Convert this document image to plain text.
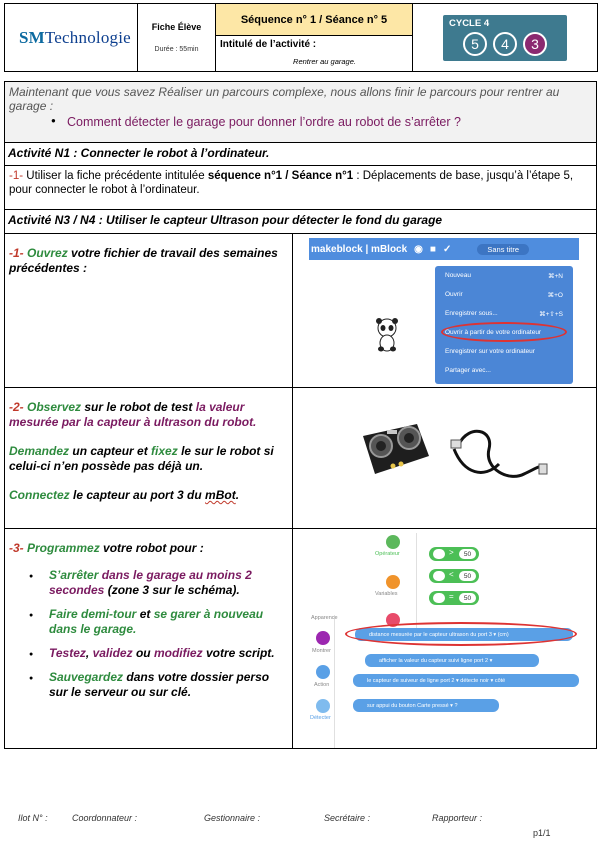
SMTechnologie
Fiche Élève
Durée : 55min
Séquence n° 1 / Séance n° 5
Intitulé de l’activité :
Rentrer au garage.
CYCLE 4
5	4	3
Maintenant que vous savez Réaliser un parcours complexe, nous allons finir le parcours pour rentrer au garage :
● Comment détecter le garage pour donner l’ordre au robot de s’arrêter ?
Activité N1 : Connecter le robot à l’ordinateur.
-1- Utiliser la fiche précédente intitulée séquence n°1 / Séance n°1 : Déplacements de base, jusqu’à l’étape 5, pour connecter le robot à l’ordinateur.
Activité N3 / N4 : Utiliser le capteur Ultrason pour détecter le fond du garage
-1- Ouvrez votre fichier de travail des semaines précédentes :
makeblock | mBlock ◉ ■ ✓	Sans titre
Nouveau	⌘+N
Ouvrir	⌘+O
Enregistrer sous...	⌘+⇧+S
Ouvrir à partir de votre ordinateur
Enregistrer sur votre ordinateur
Partager avec...
-2- Observez sur le robot de test la valeur mesurée par la capteur à ultrason du robot.
Demandez un capteur et fixez le sur le robot si celui-ci n’en possède pas déjà un.
Connectez le capteur au port 3 du mBot.
-3- Programmez votre robot pour :
● S’arrêter dans le garage au moins 2 secondes (zone 3 sur le schéma).
● Faire demi-tour et se garer à nouveau dans le garage.
● Testez, validez ou modifiez votre script.
● Sauvegardez dans votre dossier perso sur le serveur ou sur clé.
Opérateur
Variables
>	50
<	50
=	50
Apparence
Montrer
Action
Détecter
distance mesurée par le capteur ultrason du port 3 ▾ (cm)
afficher la valeur du capteur suivi ligne port 2 ▾
le capteur de suiveur de ligne port 2 ▾ détecte noir ▾ côté
sur appui du bouton Carte pressé ▾ ?
Ilot N° :	Coordonnateur :	Gestionnaire :	Secrétaire :	Rapporteur :
p1/1
